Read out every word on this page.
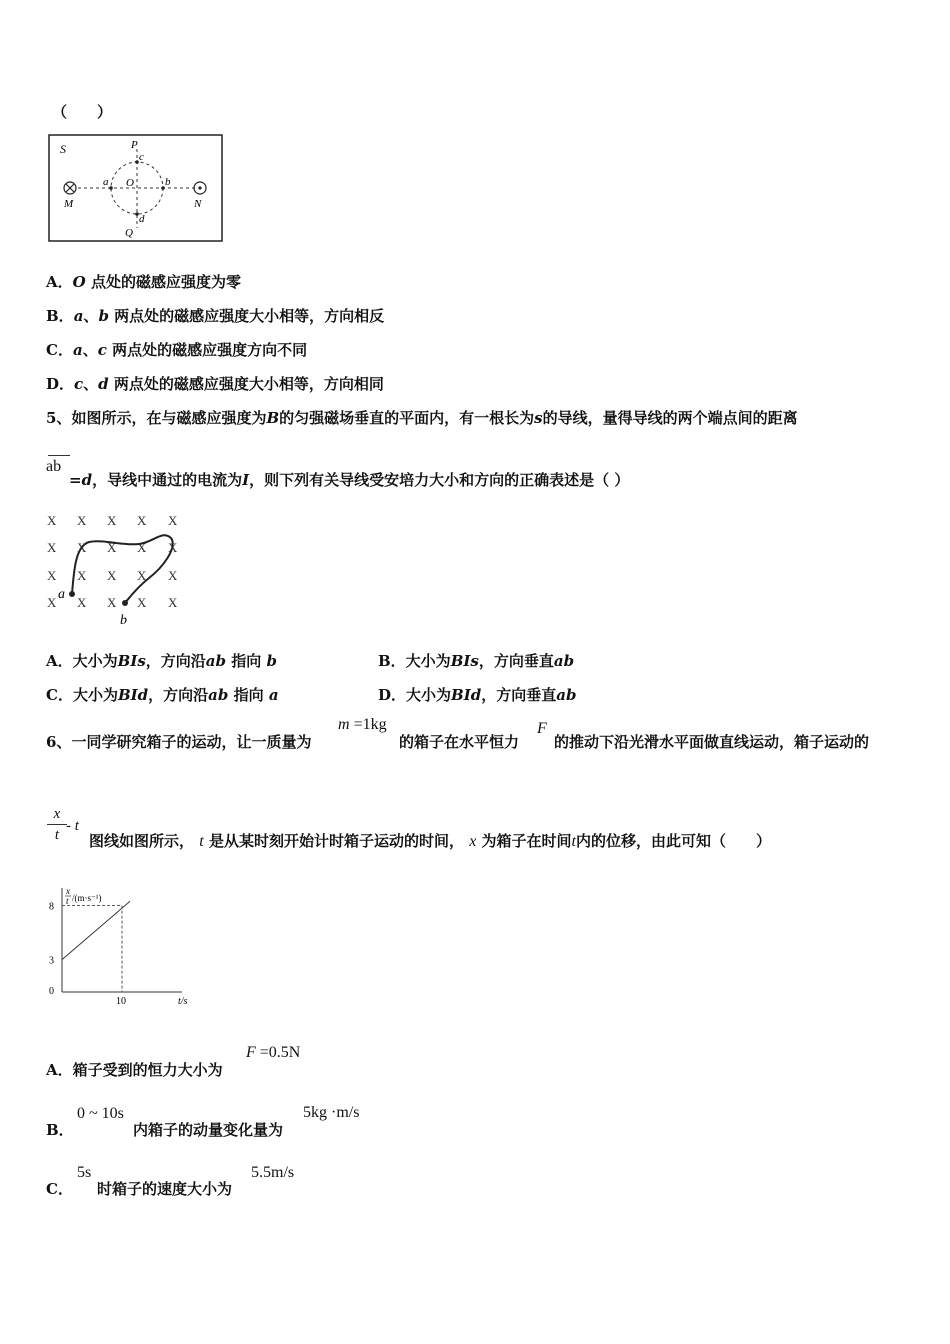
（　　）
S	P
c
a O	b
M	N
d
Q
A．O 点处的磁感应强度为零
B．a、b 两点处的磁感应强度大小相等，方向相反
C．a、c 两点处的磁感应强度方向不同
D．c、d 两点处的磁感应强度大小相等，方向相同
5、如图所示，在与磁感应强度为B的匀强磁场垂直的平面内，有一根长为s的导线，量得导线的两个端点间的距离
ab
=d，导线中通过的电流为I，则下列有关导线受安培力大小和方向的正确表述是（ ）
X X X X X
X X X X X
X X X X X
X X X X X
a
b
A．大小为BIs，方向沿ab 指向 b	B．大小为BIs，方向垂直ab
C．大小为BId，方向沿ab 指向 a	D．大小为BId，方向垂直ab
6、一同学研究箱子的运动，让一质量为
m =1kg
的箱子在水平恒力
F
的推动下沿光滑水平面做直线运动，箱子运动的
x
t
- t
图线如图所示， t 是从某时刻开始计时箱子运动的时间， x 为箱子在时间t内的位移，由此可知（　　）
8
3
0
10	t/s
x
t /(m·s⁻¹)
A．箱子受到的恒力大小为
F =0.5N
B．
0 ~ 10s
内箱子的动量变化量为
5kg ·m/s
C．
5s
时箱子的速度大小为
5.5m/s
